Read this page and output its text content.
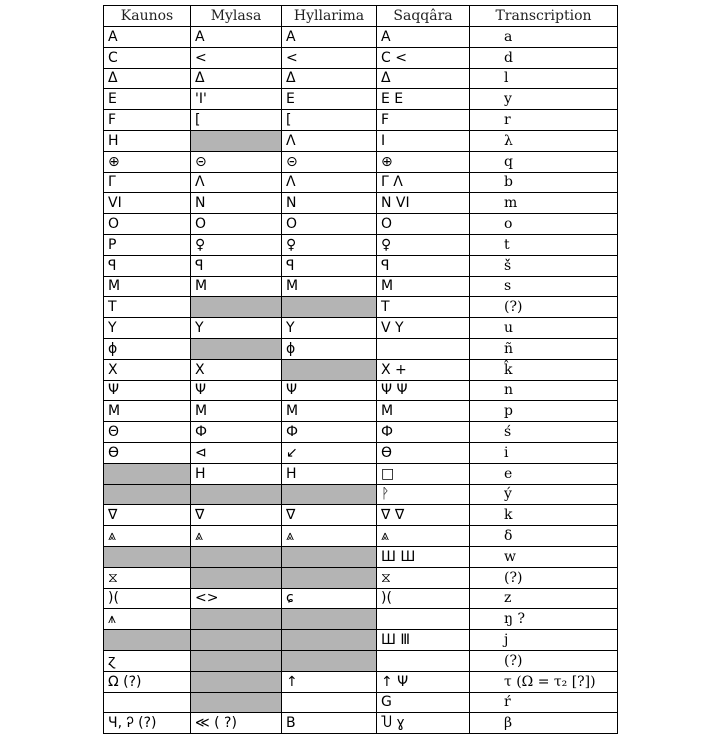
Kaunos	Mylasa	Hyllarima	Saqqâra	Transcription
A	A	A	A	a
C	<	<	C <	d
Δ	Δ	Δ	Δ	l
E	'I'	E	E E	y
F	[	[	F	r
H		Λ	I	λ
⊕	⊝	⊝	⊕	q
Γ	Λ	Λ	Γ Λ	b
VI	N	N	N VI	m
O	O	O	O	o
P	♀	♀	♀	t
ꟼ	ꟼ	ꟼ	ꟼ	š̌
M	M	M	M	s
T			T	(?)
Y	Y	Y	V Y	u
ɸ		ɸ		ñ
X	X		X +	k̂
Ψ	Ψ	Ψ	Ψ Ψ	n
M	M	M	M	p
Θ	Ф	Ф	Ф	ś
Ө	⊲	↙	Ө	i
	H	H	□	e
			ᚹ	ý
∇	∇	∇	∇ ∇	k
⩓	⩓	⩓	⩓	δ
			Ш Ш	w
⧖			⧖	(?)
)(	<>	ɕ	)(	z
⩚				ŋ ?
			Ш Ⅲ	j
ɀ				(?)
Ω (?)		↑	↑ Ψ	τ (Ω = τ₂ [?])
			G	ŕ
Ч, Ꭾ (?)	≪ ( ?)	B	Ⴎ ɣ	β
